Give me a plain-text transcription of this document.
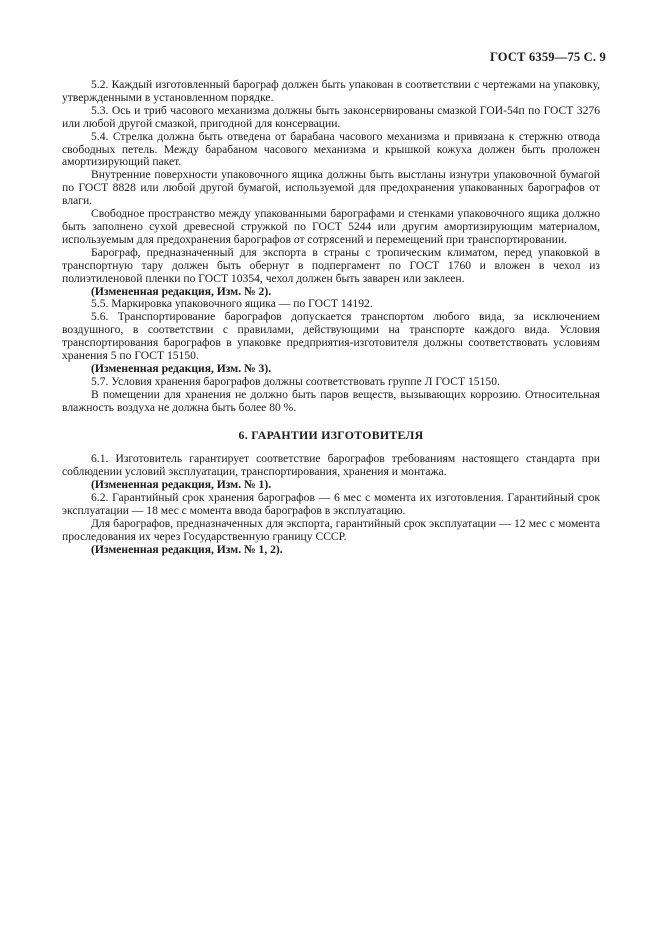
ГОСТ 6359—75 С. 9

5.2. Каждый изготовленный барограф должен быть упакован в соответствии с чертежами на упаковку, утвержденными в установленном порядке.

5.3. Ось и триб часового механизма должны быть законсервированы смазкой ГОИ-54п по ГОСТ 3276 или любой другой смазкой, пригодной для консервации.

5.4. Стрелка должна быть отведена от барабана часового механизма и привязана к стержню отвода свободных петель. Между барабаном часового механизма и крышкой кожуха должен быть проложен амортизирующий пакет.

Внутренние поверхности упаковочного ящика должны быть выстланы изнутри упаковочной бумагой по ГОСТ 8828 или любой другой бумагой, используемой для предохранения упакованных барографов от влаги.

Свободное пространство между упакованными барографами и стенками упаковочного ящика должно быть заполнено сухой древесной стружкой по ГОСТ 5244 или другим амортизирующим материалом, используемым для предохранения барографов от сотрясений и перемещений при транспортировании.

Барограф, предназначенный для экспорта в страны с тропическим климатом, перед упаковкой в транспортную тару должен быть обернут в подпергамент по ГОСТ 1760 и вложен в чехол из полиэтиленовой пленки по ГОСТ 10354, чехол должен быть заварен или заклеен.

(Измененная редакция, Изм. № 2).

5.5. Маркировка упаковочного ящика — по ГОСТ 14192.

5.6. Транспортирование барографов допускается транспортом любого вида, за исключением воздушного, в соответствии с правилами, действующими на транспорте каждого вида. Условия транспортирования барографов в упаковке предприятия-изготовителя должны соответствовать условиям хранения 5 по ГОСТ 15150.

(Измененная редакция, Изм. № 3).

5.7. Условия хранения барографов должны соответствовать группе Л ГОСТ 15150.

В помещении для хранения не должно быть паров веществ, вызывающих коррозию. Относительная влажность воздуха не должна быть более 80 %.

6. ГАРАНТИИ ИЗГОТОВИТЕЛЯ

6.1. Изготовитель гарантирует соответствие барографов требованиям настоящего стандарта при соблюдении условий эксплуатации, транспортирования, хранения и монтажа.

(Измененная редакция, Изм. № 1).

6.2. Гарантийный срок хранения барографов — 6 мес с момента их изготовления. Гарантийный срок эксплуатации — 18 мес с момента ввода барографов в эксплуатацию.

Для барографов, предназначенных для экспорта, гарантийный срок эксплуатации — 12 мес с момента проследования их через Государственную границу СССР.

(Измененная редакция, Изм. № 1, 2).
